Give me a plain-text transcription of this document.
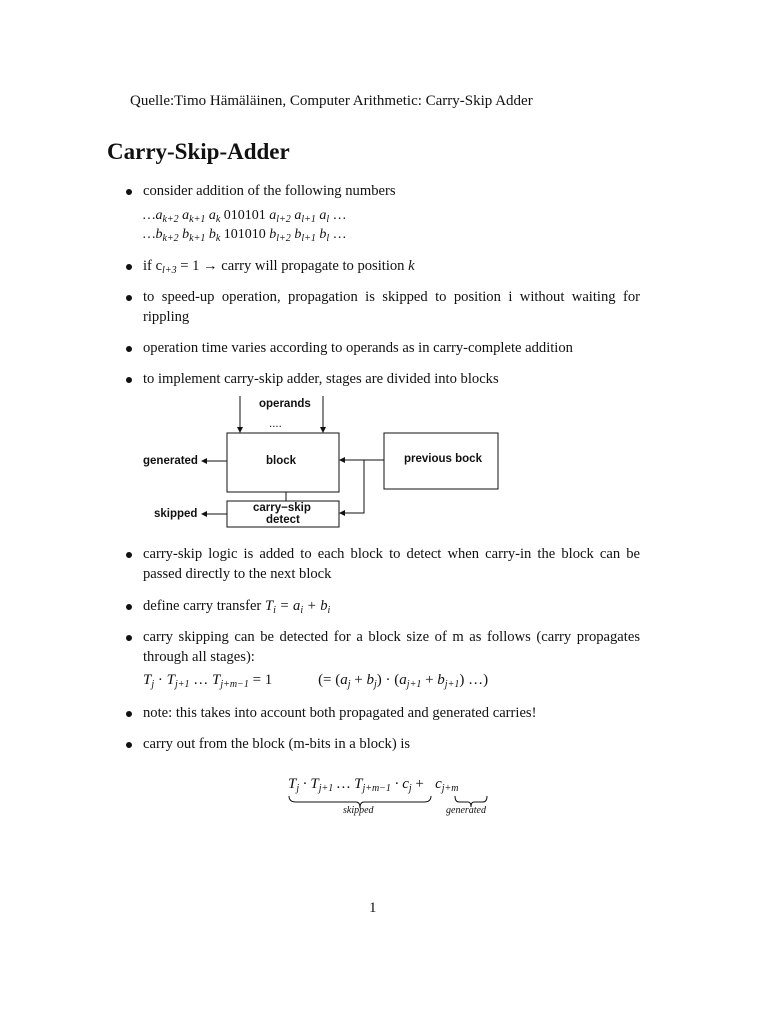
Quelle:Timo Hämäläinen, Computer Arithmetic: Carry-Skip Adder
Carry-Skip-Adder
consider addition of the following numbers
$\dots a_{k+2}$ $a_{k+1}$ $a_k$ 010101 $a_{l+2}$ $a_{l+1}$ $a_l$ …
$\dots b_{k+2}$ $b_{k+1}$ $b_k$ 101010 $b_{l+2}$ $b_{l+1}$ $b_l$ …
if $c_{l+3} = 1$ → carry will propagate to position k
to speed-up operation, propagation is skipped to position i without waiting for rippling
operation time varies according to operands as in carry-complete addition
to implement carry-skip adder, stages are divided into blocks
carry-skip logic is added to each block to detect when carry-in the block can be passed directly to the next block
define carry transfer $T_i = a_i + b_i$
carry skipping can be detected for a block size of m as follows (carry propagates through all stages):
note: this takes into account both propagated and generated carries!
carry out from the block (m-bits in a block) is
operands
....
block
generated	previous bock
carry−skip
detect
skipped
$T_j \cdot T_{j+1}$ … $T_{j+m-1} = 1$	(= $(a_j + b_j) \cdot (a_{j+1} + b_{j+1})$ …)
$T_j \cdot T_{j+1}$ … $T_{j+m-1} \cdot c_j + c_{j+m}$
skipped	generated
1
